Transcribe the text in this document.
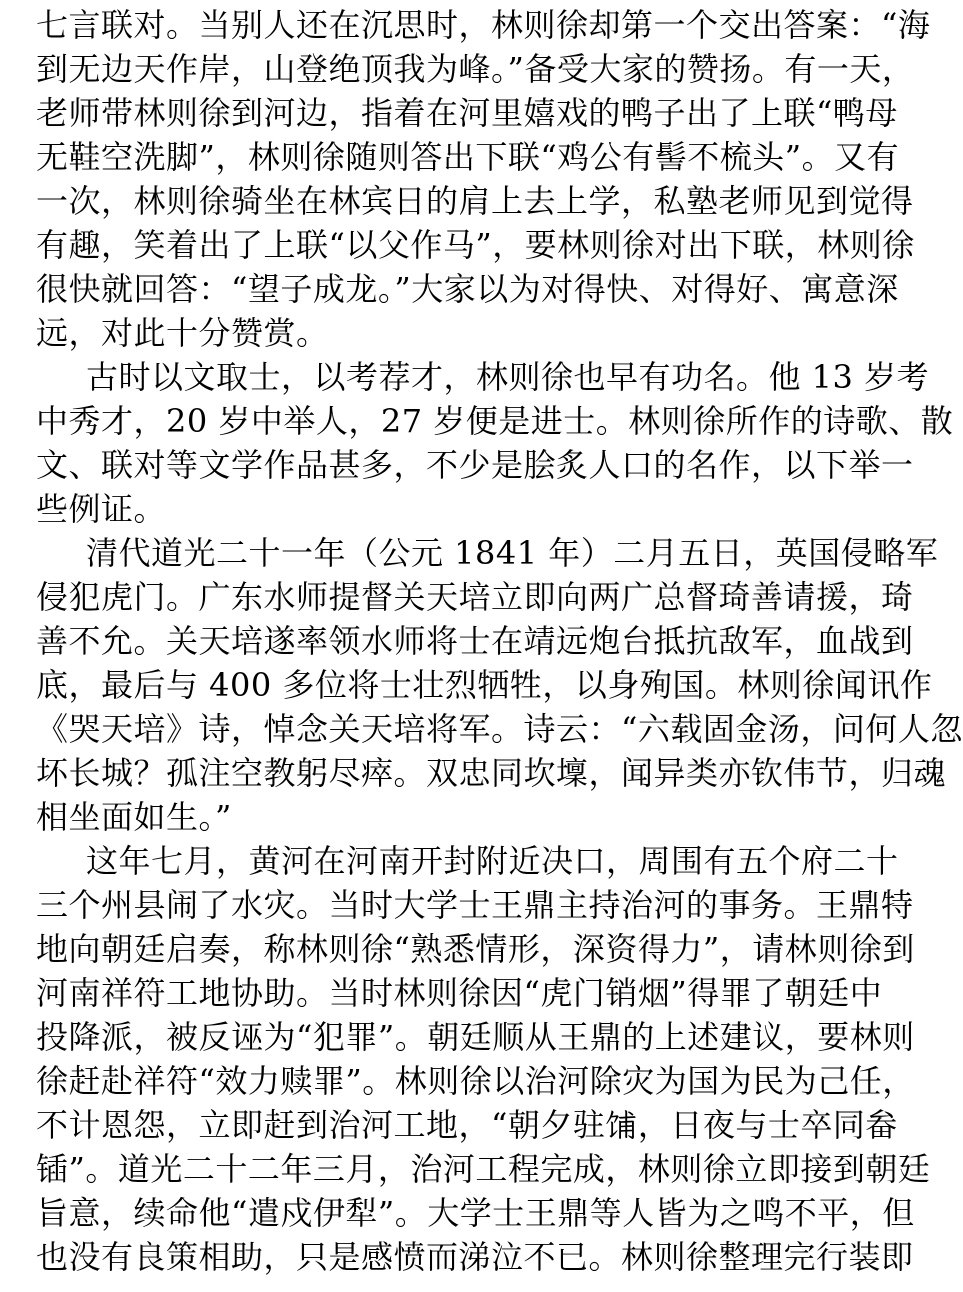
七言联对。当别人还在沉思时，林则徐却第一个交出答案：“海
到无边天作岸，山登绝顶我为峰。”备受大家的赞扬。有一天，
老师带林则徐到河边，指着在河里嬉戏的鸭子出了上联“鸭母
无鞋空洗脚”，林则徐随则答出下联“鸡公有髻不梳头”。又有
一次，林则徐骑坐在林宾日的肩上去上学，私塾老师见到觉得
有趣，笑着出了上联“以父作马”，要林则徐对出下联，林则徐
很快就回答：“望子成龙。”大家以为对得快、对得好、寓意深
远，对此十分赞赏。
古时以文取士，以考荐才，林则徐也早有功名。他 13 岁考
中秀才，20 岁中举人，27 岁便是进士。林则徐所作的诗歌、散
文、联对等文学作品甚多，不少是脍炙人口的名作，以下举一
些例证。
清代道光二十一年（公元 1841 年）二月五日，英国侵略军
侵犯虎门。广东水师提督关天培立即向两广总督琦善请援，琦
善不允。关天培遂率领水师将士在靖远炮台抵抗敌军，血战到
底，最后与 400 多位将士壮烈牺牲，以身殉国。林则徐闻讯作
《哭天培》诗，悼念关天培将军。诗云：“六载固金汤，问何人忽
坏长城？孤注空教躬尽瘁。双忠同坎壈，闻异类亦钦伟节，归魂
相坐面如生。”
这年七月，黄河在河南开封附近决口，周围有五个府二十
三个州县闹了水灾。当时大学士王鼎主持治河的事务。王鼎特
地向朝廷启奏，称林则徐“熟悉情形，深资得力”，请林则徐到
河南祥符工地协助。当时林则徐因“虎门销烟”得罪了朝廷中
投降派，被反诬为“犯罪”。朝廷顺从王鼎的上述建议，要林则
徐赶赴祥符“效力赎罪”。林则徐以治河除灾为国为民为己任，
不计恩怨，立即赶到治河工地，“朝夕驻𫗦，日夜与士卒同畚
锸”。道光二十二年三月，治河工程完成，林则徐立即接到朝廷
旨意，续命他“遣戍伊犁”。大学士王鼎等人皆为之鸣不平，但
也没有良策相助，只是感愤而涕泣不已。林则徐整理完行装即
